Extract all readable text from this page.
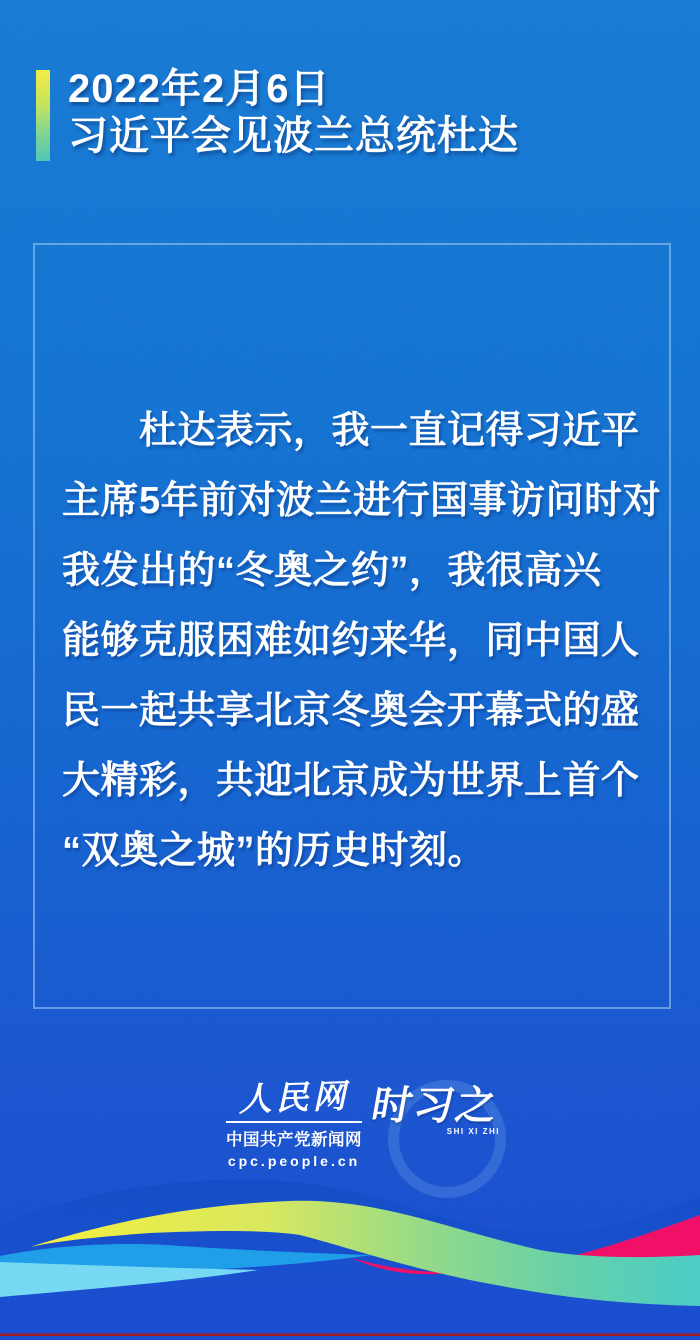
2022年2月6日
习近平会见波兰总统杜达
杜达表示，我一直记得习近平
主席5年前对波兰进行国事访问时对
我发出的“冬奥之约”，我很高兴
能够克服困难如约来华，同中国人
民一起共享北京冬奥会开幕式的盛
大精彩，共迎北京成为世界上首个
“双奥之城”的历史时刻。
人民网
中国共产党新闻网
cpc.people.cn
时习之
SHI XI ZHI
